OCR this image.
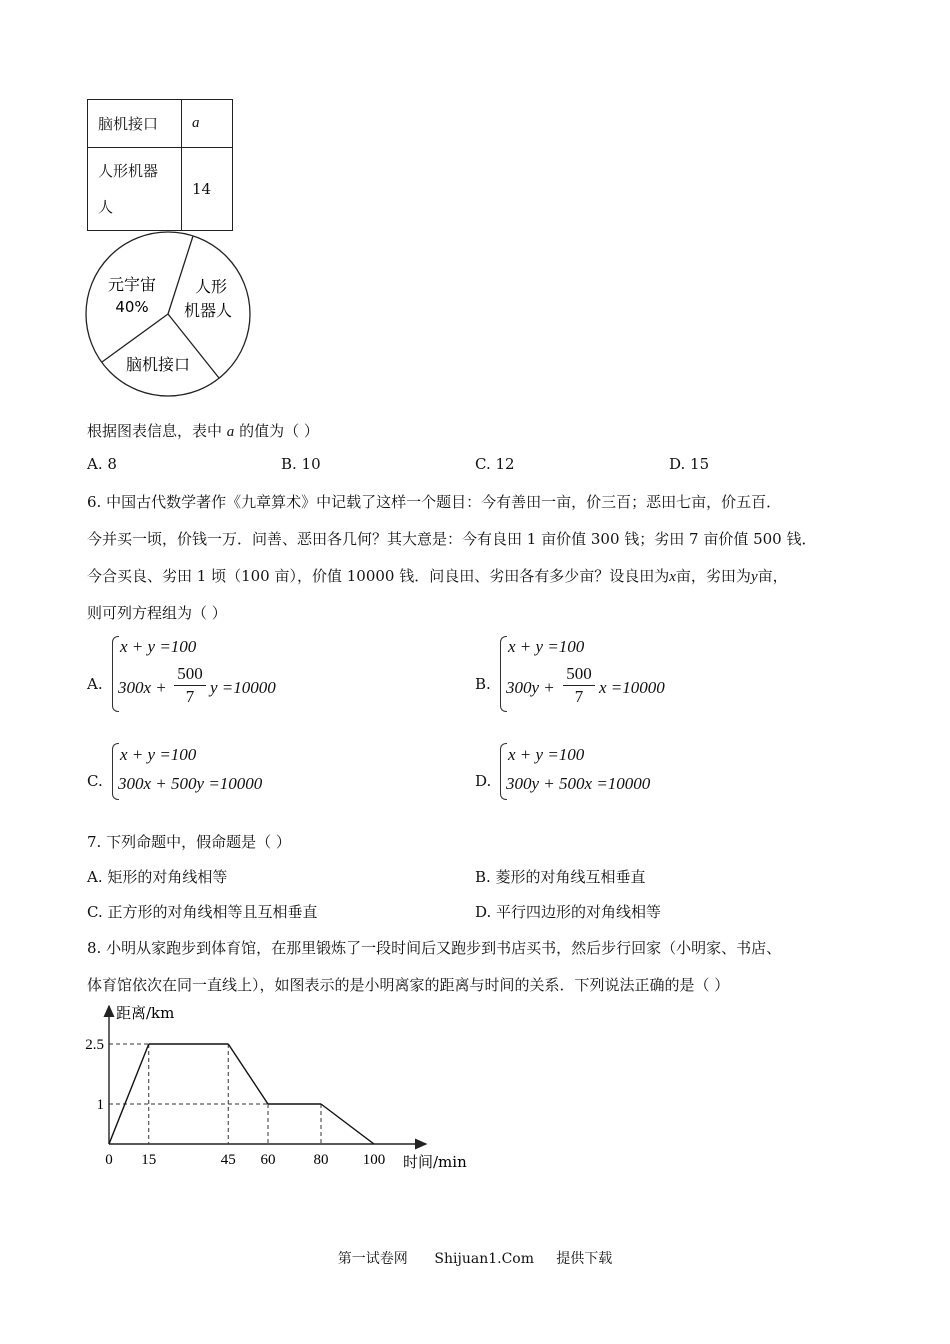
脑机接口	a
人形机器人	14
元宇宙
40%
人形
机器人
脑机接口
根据图表信息，表中 a 的值为（ ）
A. 8	B. 10	C. 12	D. 15
6. 中国古代数学著作《九章算术》中记载了这样一个题目：今有善田一亩，价三百；恶田七亩，价五百．
今并买一顷，价钱一万．问善、恶田各几何？其大意是：今有良田 1 亩价值 300 钱；劣田 7 亩价值 500 钱．
今合买良、劣田 1 顷（100 亩），价值 10000 钱．问良田、劣田各有多少亩？设良田为x亩，劣田为y亩，
则可列方程组为（ ）
A.
x + y =100
300x +
500
7 y =10000	B.
x + y =100
300y +
500
7 x =10000
C.
x + y =100
300x + 500y =10000	D.
x + y =100
300y + 500x =10000
7. 下列命题中，假命题是（ ）
A. 矩形的对角线相等	B. 菱形的对角线互相垂直
C. 正方形的对角线相等且互相垂直	D. 平行四边形的对角线相等
8. 小明从家跑步到体育馆，在那里锻炼了一段时间后又跑步到书店买书，然后步行回家（小明家、书店、
体育馆依次在同一直线上），如图表示的是小明离家的距离与时间的关系．下列说法正确的是（ ）
距离/km
时间/min
0 15	45 60	80 100
2.5
1
第一试卷网      Shijuan1.Com     提供下载
